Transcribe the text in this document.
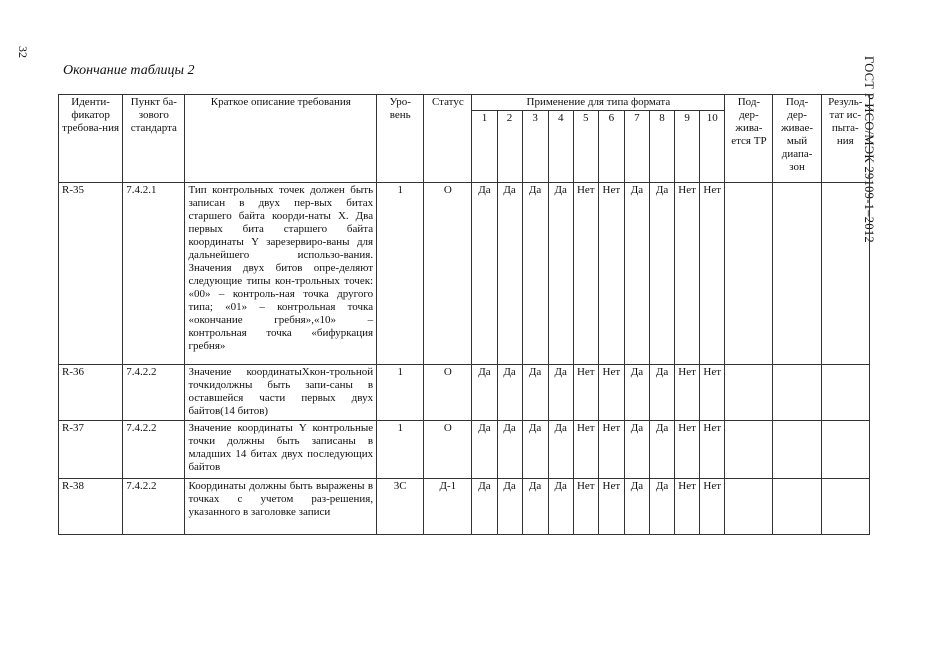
32
ГОСТ Р ИСО/МЭК 29109-1–2012
Окончание таблицы 2
Иденти-фикатор требова-ния	Пункт ба-зового стандарта	Краткое описание требования	Уро-вень	Статус	Применение для типа формата										Под-дер-жива-ется ТР	Под-дер-живае-мый диапа-зон	Резуль-тат ис-пыта-ния
					1	2	3	4	5	6	7	8	9	10			
R-35	7.4.2.1	Тип контрольных точек должен быть записан в двух пер-вых битах старшего байта коорди-наты X. Два первых бита старшего байта координаты Y зарезервиро-ваны для дальнейшего использо-вания. Значения двух битов опре-деляют следующие типы кон-трольных точек: «00» – контроль-ная точка другого типа; «01» – контрольная точка «окончание гребня»,«10» –контрольная точка «бифуркация гребня»	1	О	Да	Да	Да	Да	Нет	Нет	Да	Да	Нет	Нет			
R-36	7.4.2.2	Значение координатыXкон-трольной точкидолжны быть запи-саны в оставшейся части первых двух байтов(14 битов)	1	О	Да	Да	Да	Да	Нет	Нет	Да	Да	Нет	Нет			
R-37	7.4.2.2	Значение координаты Y контрольные точки должны быть записаны в младших 14 битах двух последующих байтов	1	О	Да	Да	Да	Да	Нет	Нет	Да	Да	Нет	Нет			
R-38	7.4.2.2	Координаты должны быть выражены в точках с учетом раз-решения, указанного в заголовке записи	3С	Д-1	Да	Да	Да	Да	Нет	Нет	Да	Да	Нет	Нет			
